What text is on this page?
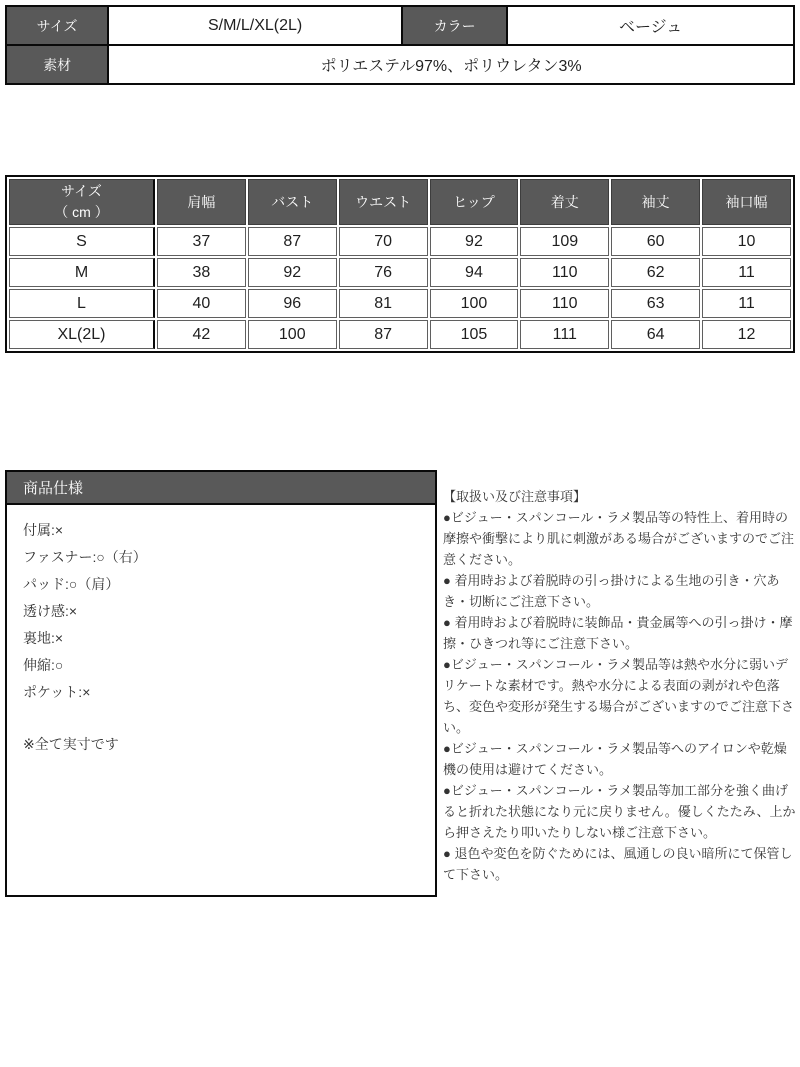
サイズ	S/M/L/XL(2L)	カラー	ベージュ
素材	ポリエステル97%、ポリウレタン3%		
サイズ
（ cm ）	肩幅	バスト	ウエスト	ヒップ	着丈	袖丈	袖口幅
S	37	87	70	92	109	60	10
M	38	92	76	94	110	62	11
L	40	96	81	100	110	63	11
XL(2L)	42	100	87	105	111	64	12
商品仕様
付属:×
ファスナー:○（右）
パッド:○（肩）
透け感:×
裏地:×
伸縮:○
ポケット:×
※全て実寸です
【取扱い及び注意事項】
●ビジュー・スパンコール・ラメ製品等の特性上、着用時の摩擦や衝撃により肌に刺激がある場合がございますのでご注意ください。
● 着用時および着脱時の引っ掛けによる生地の引き・穴あき・切断にご注意下さい。
● 着用時および着脱時に装飾品・貴金属等への引っ掛け・摩擦・ひきつれ等にご注意下さい。
●ビジュー・スパンコール・ラメ製品等は熱や水分に弱いデリケートな素材です。熱や水分による表面の剥がれや色落ち、変色や変形が発生する場合がございますのでご注意下さい。
●ビジュー・スパンコール・ラメ製品等へのアイロンや乾燥機の使用は避けてください。
●ビジュー・スパンコール・ラメ製品等加工部分を強く曲げると折れた状態になり元に戻りません。優しくたたみ、上から押さえたり叩いたりしない様ご注意下さい。
● 退色や変色を防ぐためには、風通しの良い暗所にて保管して下さい。
